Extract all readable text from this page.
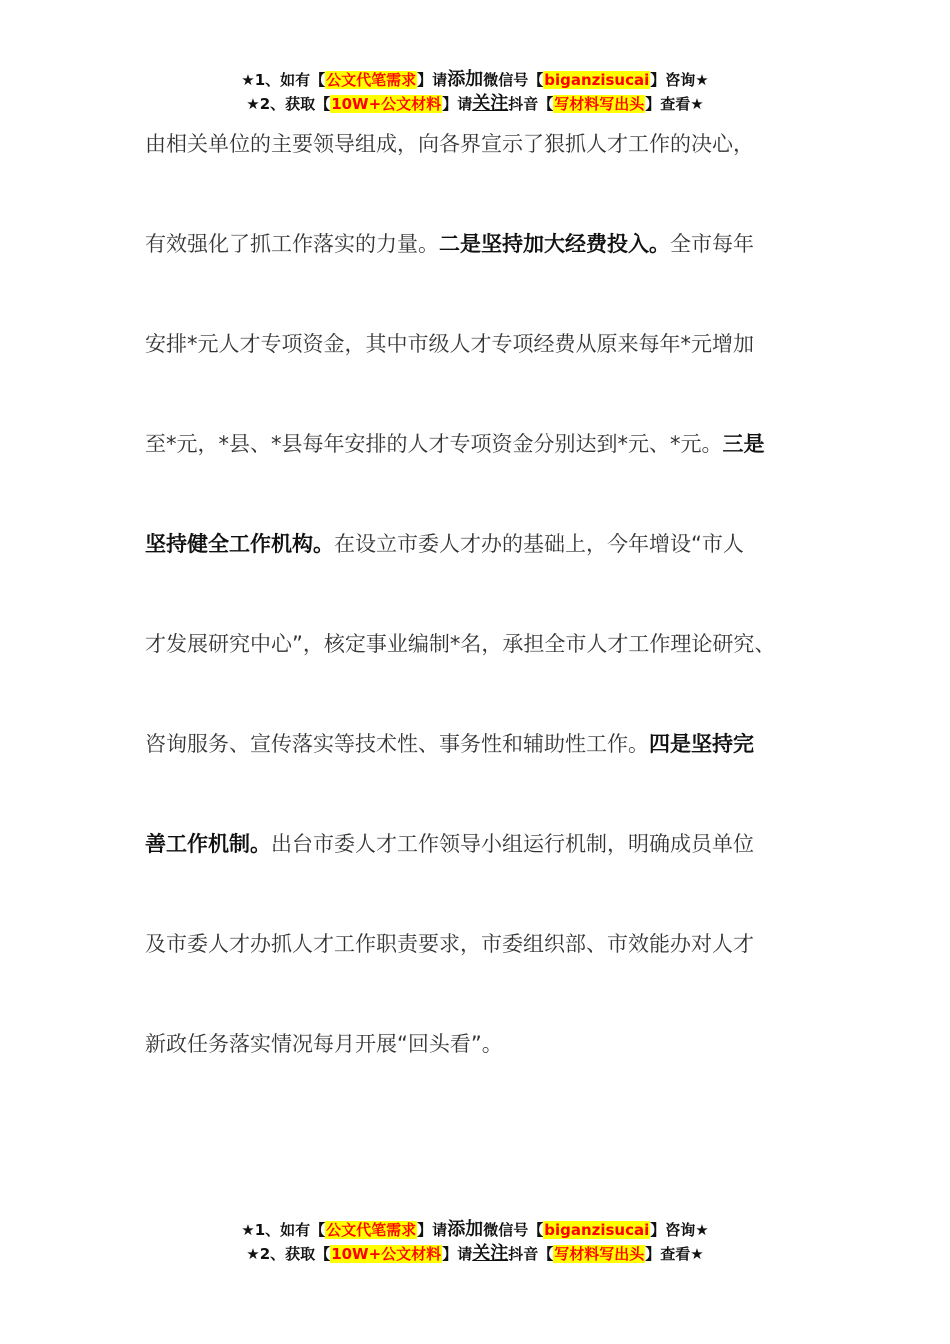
★1、如有【公文代笔需求】请添加微信号【biganzisucai】咨询★
★2、获取【10W+公文材料】请关注抖音【写材料写出头】查看★
由相关单位的主要领导组成，向各界宣示了狠抓人才工作的决心，
有效强化了抓工作落实的力量。二是坚持加大经费投入。全市每年
安排*元人才专项资金，其中市级人才专项经费从原来每年*元增加
至*元，*县、*县每年安排的人才专项资金分别达到*元、*元。三是
坚持健全工作机构。在设立市委人才办的基础上，今年增设“市人
才发展研究中心”，核定事业编制*名，承担全市人才工作理论研究、
咨询服务、宣传落实等技术性、事务性和辅助性工作。四是坚持完
善工作机制。出台市委人才工作领导小组运行机制，明确成员单位
及市委人才办抓人才工作职责要求，市委组织部、市效能办对人才
新政任务落实情况每月开展“回头看”。
★1、如有【公文代笔需求】请添加微信号【biganzisucai】咨询★
★2、获取【10W+公文材料】请关注抖音【写材料写出头】查看★
